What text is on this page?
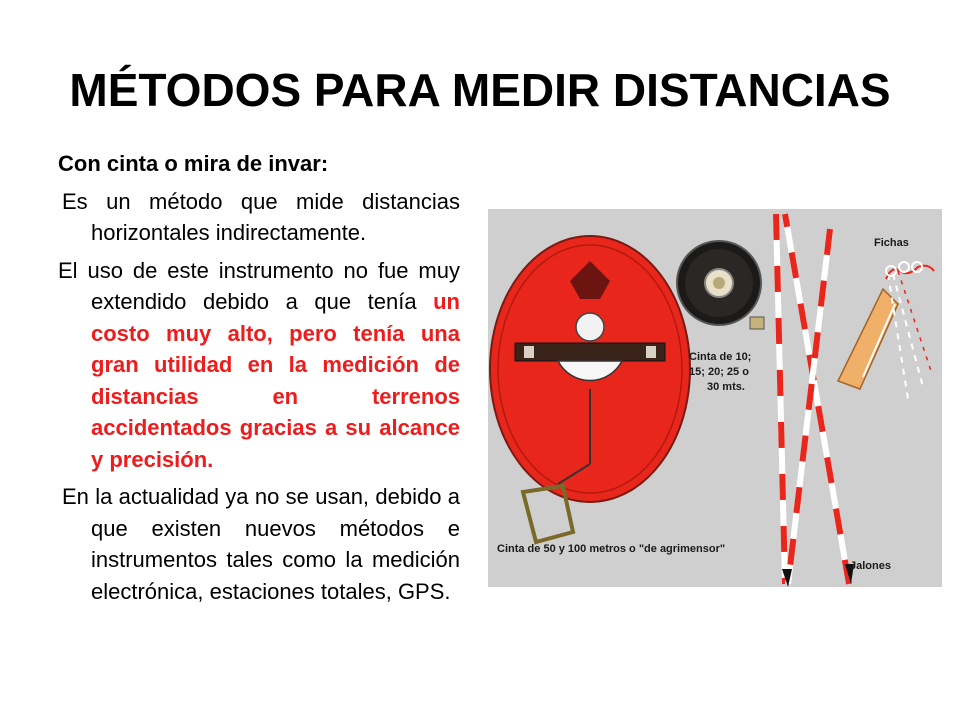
MÉTODOS PARA MEDIR DISTANCIAS
Con cinta o mira de invar:
Es un método que mide distancias horizontales indirectamente.
El uso de este instrumento no fue muy extendido debido a que tenía un costo muy alto, pero tenía una gran utilidad en la medición de distancias en terrenos accidentados gracias a su alcance y precisión.
En la actualidad ya no se usan, debido a que existen nuevos métodos e instrumentos tales como la medición electrónica, estaciones totales, GPS.
Fichas
Cinta de 10;
15; 20; 25 o
30 mts.
Cinta de 50 y 100 metros o "de agrimensor"
Jalones
